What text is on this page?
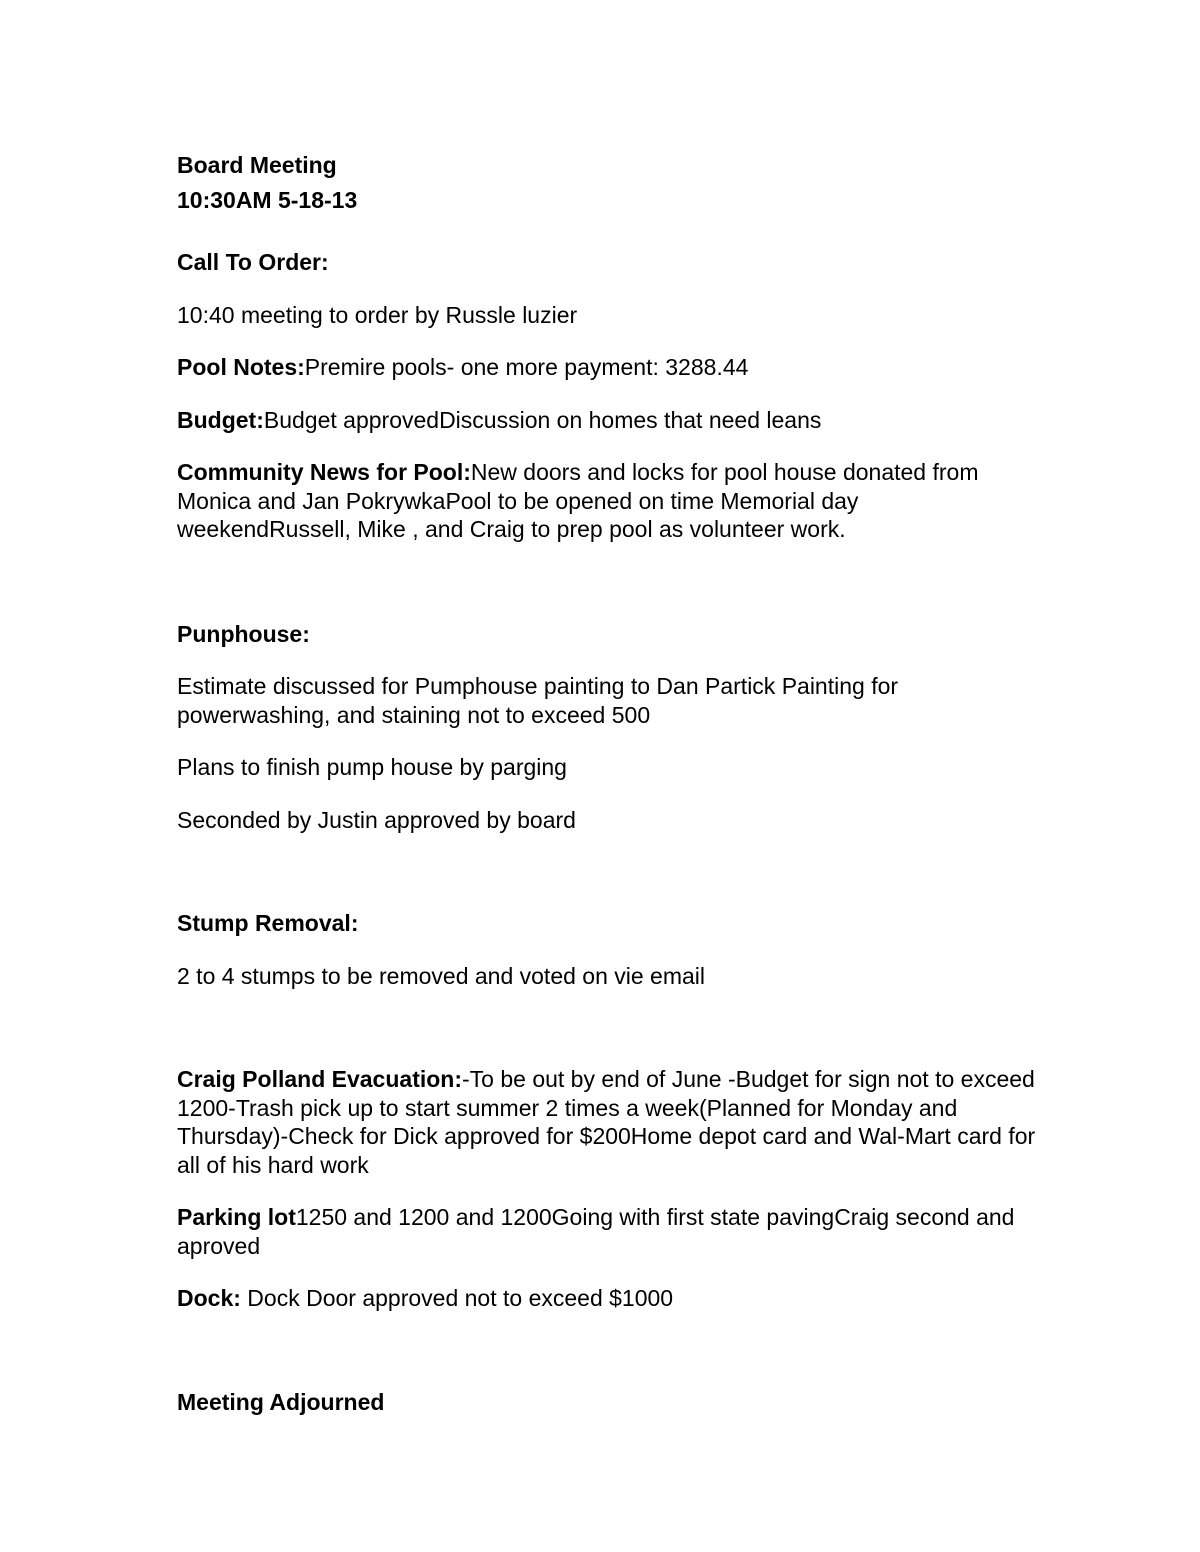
Board Meeting

10:30AM 5-18-13

Call To Order:

10:40 meeting to order by Russle luzier

Pool Notes:Premire pools- one more payment: 3288.44

Budget:Budget approvedDiscussion on homes that need leans

Community News for Pool:New doors and locks for pool house donated from Monica and Jan PokrywkaPool to be opened on time Memorial day weekendRussell, Mike , and Craig to prep pool as volunteer work.

Punphouse:

Estimate discussed for Pumphouse painting to Dan Partick Painting for powerwashing, and staining not to exceed 500

Plans to finish pump house by parging

Seconded by Justin approved by board

Stump Removal:

2 to 4 stumps to be removed and voted on vie email

Craig Polland Evacuation:-To be out by end of June -Budget for sign not to exceed 1200-Trash pick up to start summer 2 times a week(Planned for Monday and Thursday)-Check for Dick approved for $200Home depot card and Wal-Mart card for all of his hard work

Parking lot1250 and 1200 and 1200Going with first state pavingCraig second and aproved

Dock: Dock Door approved not to exceed $1000

Meeting Adjourned
